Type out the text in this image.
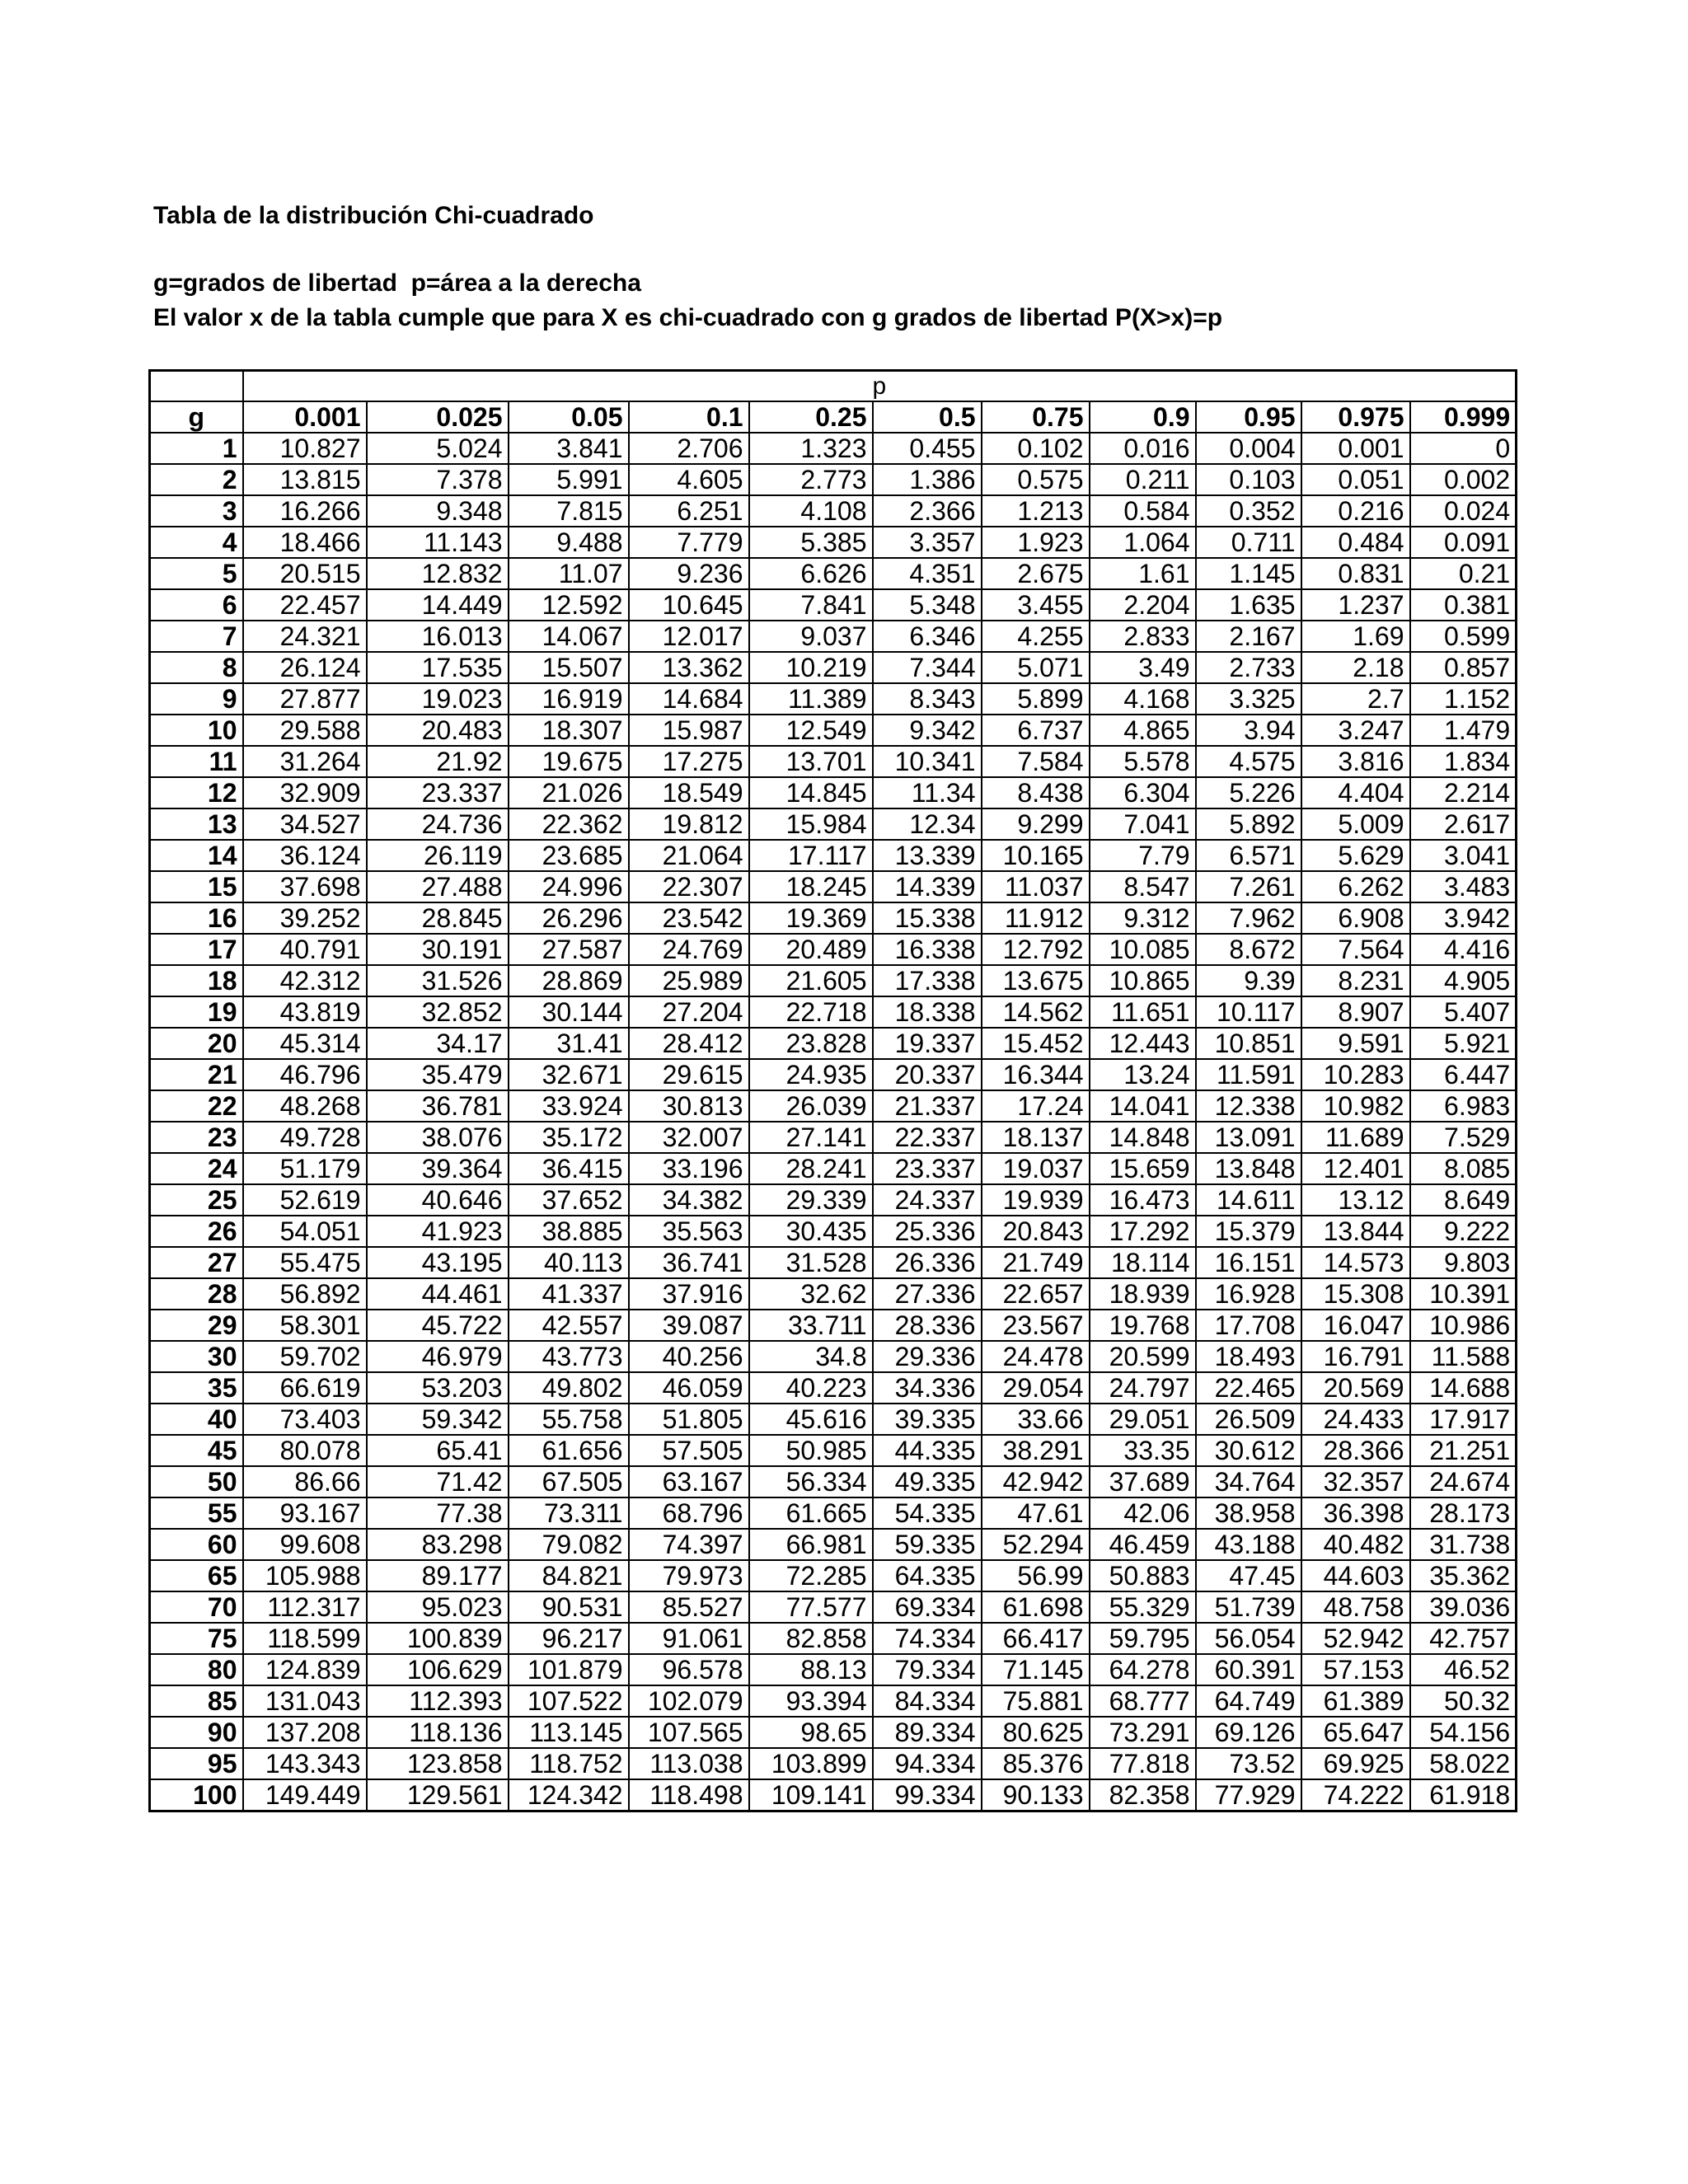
Tabla de la distribución Chi-cuadrado
g=grados de libertad  p=área a la derecha
El valor x de la tabla cumple que para X es chi-cuadrado con g grados de libertad P(X>x)=p
	p										
g	0.001	0.025	0.05	0.1	0.25	0.5	0.75	0.9	0.95	0.975	0.999
1	10.827	5.024	3.841	2.706	1.323	0.455	0.102	0.016	0.004	0.001	0
2	13.815	7.378	5.991	4.605	2.773	1.386	0.575	0.211	0.103	0.051	0.002
3	16.266	9.348	7.815	6.251	4.108	2.366	1.213	0.584	0.352	0.216	0.024
4	18.466	11.143	9.488	7.779	5.385	3.357	1.923	1.064	0.711	0.484	0.091
5	20.515	12.832	11.07	9.236	6.626	4.351	2.675	1.61	1.145	0.831	0.21
6	22.457	14.449	12.592	10.645	7.841	5.348	3.455	2.204	1.635	1.237	0.381
7	24.321	16.013	14.067	12.017	9.037	6.346	4.255	2.833	2.167	1.69	0.599
8	26.124	17.535	15.507	13.362	10.219	7.344	5.071	3.49	2.733	2.18	0.857
9	27.877	19.023	16.919	14.684	11.389	8.343	5.899	4.168	3.325	2.7	1.152
10	29.588	20.483	18.307	15.987	12.549	9.342	6.737	4.865	3.94	3.247	1.479
11	31.264	21.92	19.675	17.275	13.701	10.341	7.584	5.578	4.575	3.816	1.834
12	32.909	23.337	21.026	18.549	14.845	11.34	8.438	6.304	5.226	4.404	2.214
13	34.527	24.736	22.362	19.812	15.984	12.34	9.299	7.041	5.892	5.009	2.617
14	36.124	26.119	23.685	21.064	17.117	13.339	10.165	7.79	6.571	5.629	3.041
15	37.698	27.488	24.996	22.307	18.245	14.339	11.037	8.547	7.261	6.262	3.483
16	39.252	28.845	26.296	23.542	19.369	15.338	11.912	9.312	7.962	6.908	3.942
17	40.791	30.191	27.587	24.769	20.489	16.338	12.792	10.085	8.672	7.564	4.416
18	42.312	31.526	28.869	25.989	21.605	17.338	13.675	10.865	9.39	8.231	4.905
19	43.819	32.852	30.144	27.204	22.718	18.338	14.562	11.651	10.117	8.907	5.407
20	45.314	34.17	31.41	28.412	23.828	19.337	15.452	12.443	10.851	9.591	5.921
21	46.796	35.479	32.671	29.615	24.935	20.337	16.344	13.24	11.591	10.283	6.447
22	48.268	36.781	33.924	30.813	26.039	21.337	17.24	14.041	12.338	10.982	6.983
23	49.728	38.076	35.172	32.007	27.141	22.337	18.137	14.848	13.091	11.689	7.529
24	51.179	39.364	36.415	33.196	28.241	23.337	19.037	15.659	13.848	12.401	8.085
25	52.619	40.646	37.652	34.382	29.339	24.337	19.939	16.473	14.611	13.12	8.649
26	54.051	41.923	38.885	35.563	30.435	25.336	20.843	17.292	15.379	13.844	9.222
27	55.475	43.195	40.113	36.741	31.528	26.336	21.749	18.114	16.151	14.573	9.803
28	56.892	44.461	41.337	37.916	32.62	27.336	22.657	18.939	16.928	15.308	10.391
29	58.301	45.722	42.557	39.087	33.711	28.336	23.567	19.768	17.708	16.047	10.986
30	59.702	46.979	43.773	40.256	34.8	29.336	24.478	20.599	18.493	16.791	11.588
35	66.619	53.203	49.802	46.059	40.223	34.336	29.054	24.797	22.465	20.569	14.688
40	73.403	59.342	55.758	51.805	45.616	39.335	33.66	29.051	26.509	24.433	17.917
45	80.078	65.41	61.656	57.505	50.985	44.335	38.291	33.35	30.612	28.366	21.251
50	86.66	71.42	67.505	63.167	56.334	49.335	42.942	37.689	34.764	32.357	24.674
55	93.167	77.38	73.311	68.796	61.665	54.335	47.61	42.06	38.958	36.398	28.173
60	99.608	83.298	79.082	74.397	66.981	59.335	52.294	46.459	43.188	40.482	31.738
65	105.988	89.177	84.821	79.973	72.285	64.335	56.99	50.883	47.45	44.603	35.362
70	112.317	95.023	90.531	85.527	77.577	69.334	61.698	55.329	51.739	48.758	39.036
75	118.599	100.839	96.217	91.061	82.858	74.334	66.417	59.795	56.054	52.942	42.757
80	124.839	106.629	101.879	96.578	88.13	79.334	71.145	64.278	60.391	57.153	46.52
85	131.043	112.393	107.522	102.079	93.394	84.334	75.881	68.777	64.749	61.389	50.32
90	137.208	118.136	113.145	107.565	98.65	89.334	80.625	73.291	69.126	65.647	54.156
95	143.343	123.858	118.752	113.038	103.899	94.334	85.376	77.818	73.52	69.925	58.022
100	149.449	129.561	124.342	118.498	109.141	99.334	90.133	82.358	77.929	74.222	61.918
